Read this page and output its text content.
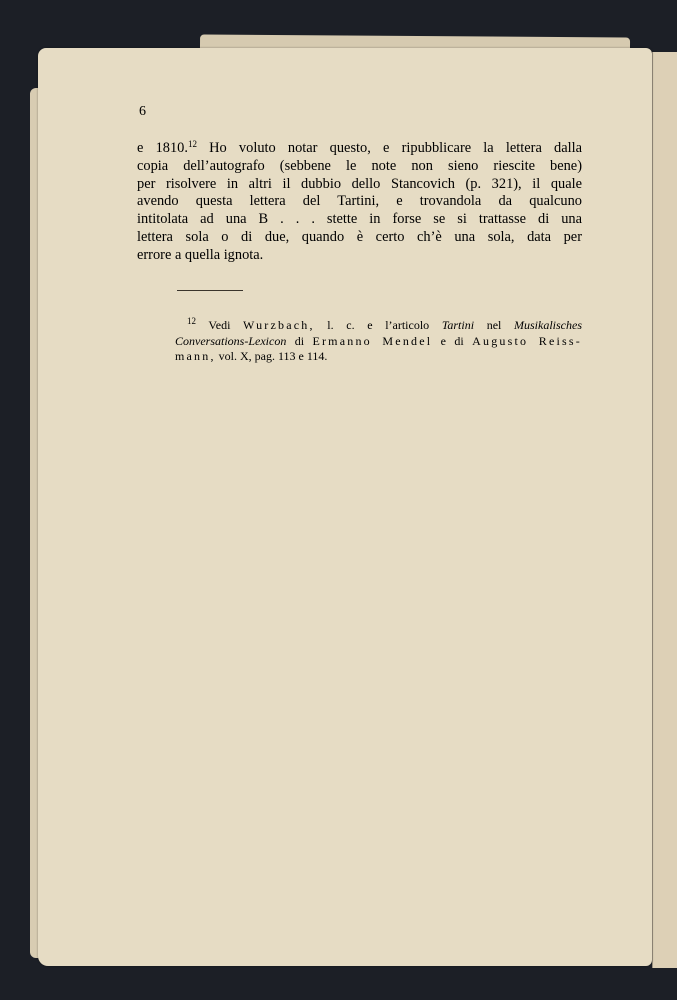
6
e 1810.12 Ho voluto notar questo, e ripubblicare la lettera dalla
copia dell’autografo (sebbene le note non sieno riescite bene)
per risolvere in altri il dubbio dello Stancovich (p. 321), il quale
avendo questa lettera del Tartini, e trovandola da qualcuno
intitolata ad una B . . . stette in forse se si trattasse di una
lettera sola o di due, quando è certo ch’è una sola, data per
errore a quella ignota.
$^{12}$ Vedi Wurzbach, l. c. e l’articolo Tartini nel Musikalisches
Conversations-Lexicon di Ermanno Mendel e di Augusto Reiss-
mann, vol. X, pag. 113 e 114.
